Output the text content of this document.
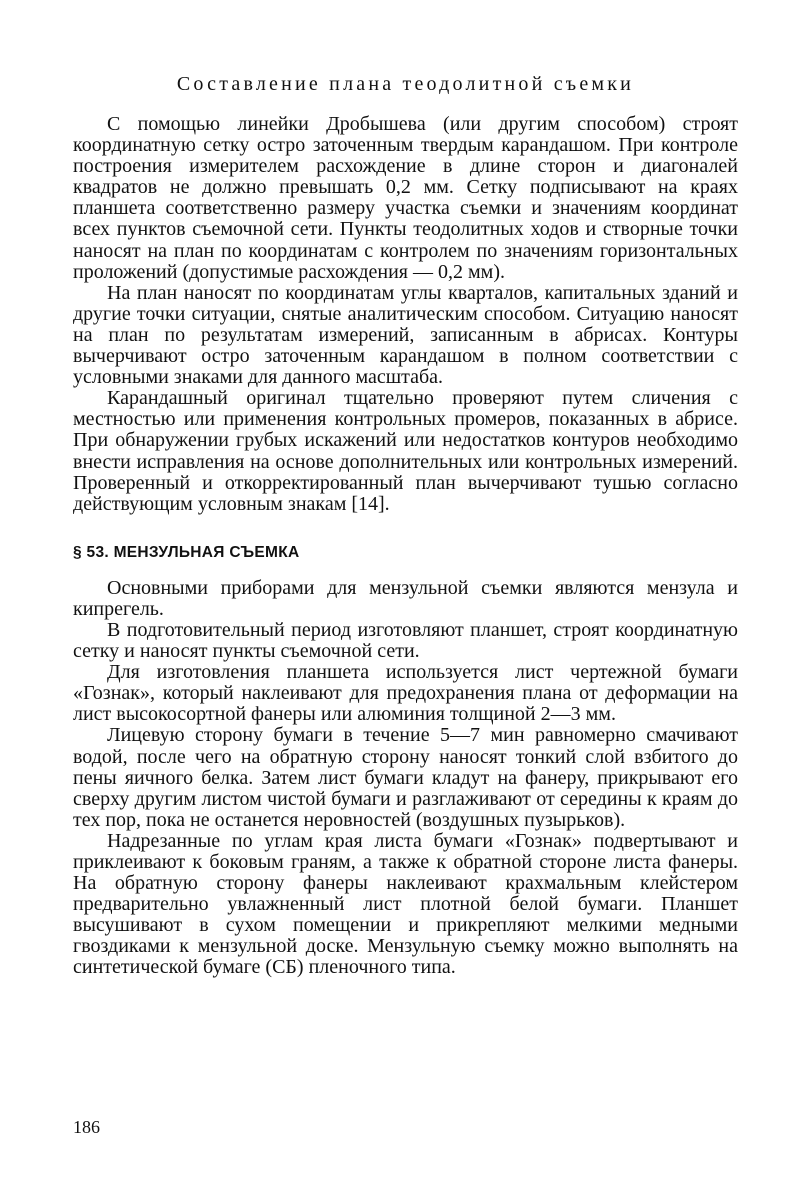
Составление плана теодолитной съемки

С помощью линейки Дробышева (или другим способом) строят координатную сетку остро заточенным твердым карандашом. При контроле построения измерителем расхождение в длине сторон и диагоналей квадратов не должно превышать 0,2 мм. Сетку подписывают на краях планшета соответственно размеру участка съемки и значениям координат всех пунктов съемочной сети. Пункты теодолитных ходов и створные точки наносят на план по координатам с контролем по значениям горизонтальных проложений (допустимые расхождения — 0,2 мм).

На план наносят по координатам углы кварталов, капитальных зданий и другие точки ситуации, снятые аналитическим способом. Ситуацию наносят на план по результатам измерений, записанным в абрисах. Контуры вычерчивают остро заточенным карандашом в полном соответствии с условными знаками для данного масштаба.

Карандашный оригинал тщательно проверяют путем сличения с местностью или применения контрольных промеров, показанных в абрисе. При обнаружении грубых искажений или недостатков контуров необходимо внести исправления на основе дополнительных или контрольных измерений. Проверенный и откорректированный план вычерчивают тушью согласно действующим условным знакам [14].

§ 53. МЕНЗУЛЬНАЯ СЪЕМКА

Основными приборами для мензульной съемки являются мензула и кипрегель.

В подготовительный период изготовляют планшет, строят координатную сетку и наносят пункты съемочной сети.

Для изготовления планшета используется лист чертежной бумаги «Гознак», который наклеивают для предохранения плана от деформации на лист высокосортной фанеры или алюминия толщиной 2—3 мм.

Лицевую сторону бумаги в течение 5—7 мин равномерно смачивают водой, после чего на обратную сторону наносят тонкий слой взбитого до пены яичного белка. Затем лист бумаги кладут на фанеру, прикрывают его сверху другим листом чистой бумаги и разглаживают от середины к краям до тех пор, пока не останется неровностей (воздушных пузырьков).

Надрезанные по углам края листа бумаги «Гознак» подвертывают и приклеивают к боковым граням, а также к обратной стороне листа фанеры. На обратную сторону фанеры наклеивают крахмальным клейстером предварительно увлажненный лист плотной белой бумаги. Планшет высушивают в сухом помещении и прикрепляют мелкими медными гвоздиками к мензульной доске. Мензульную съемку можно выполнять на синтетической бумаге (СБ) пленочного типа.

186
